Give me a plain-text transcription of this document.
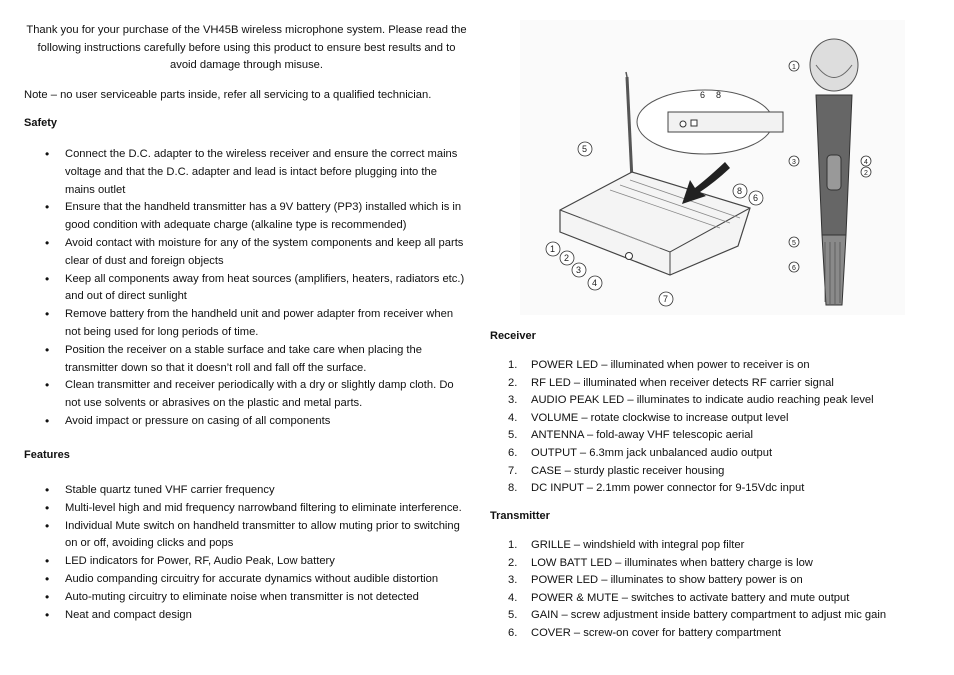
Thank you for your purchase of the VH45B wireless microphone system. Please read the following instructions carefully before using this product to ensure best results and to avoid damage through misuse.

Note – no user serviceable parts inside, refer all servicing to a qualified technician.

Safety
• Connect the D.C. adapter to the wireless receiver and ensure the correct mains voltage and that the D.C. adapter and lead is intact before plugging into the mains outlet
• Ensure that the handheld transmitter has a 9V battery (PP3) installed which is in good condition with adequate charge (alkaline type is recommended)
• Avoid contact with moisture for any of the system components and keep all parts clear of dust and foreign objects
• Keep all components away from heat sources (amplifiers, heaters, radiators etc.) and out of direct sunlight
• Remove battery from the handheld unit and power adapter from receiver when not being used for long periods of time.
• Position the receiver on a stable surface and take care when placing the transmitter down so that it doesn’t roll and fall off the surface.
• Clean transmitter and receiver periodically with a dry or slightly damp cloth. Do not use solvents or abrasives on the plastic and metal parts.
• Avoid impact or pressure on casing of all components
Features
• Stable quartz tuned VHF carrier frequency
• Multi-level high and mid frequency narrowband filtering to eliminate interference.
• Individual Mute switch on handheld transmitter to allow muting prior to switching on or off, avoiding clicks and pops
• LED indicators for Power, RF, Audio Peak, Low battery
• Audio companding circuitry for accurate dynamics without audible distortion
• Auto-muting circuitry to eliminate noise when transmitter is not detected
• Neat and compact design
1
2
3
4
5
6
7
8
6 8
1
2
3	4
5
6
Receiver
1. POWER LED – illuminated when power to receiver is on
2. RF LED – illuminated when receiver detects RF carrier signal
3. AUDIO PEAK LED – illuminates to indicate audio reaching peak level
4. VOLUME – rotate clockwise to increase output level
5. ANTENNA – fold-away VHF telescopic aerial
6. OUTPUT – 6.3mm jack unbalanced audio output
7. CASE – sturdy plastic receiver housing
8. DC INPUT – 2.1mm power connector for 9-15Vdc input
Transmitter
1. GRILLE – windshield with integral pop filter
2. LOW BATT LED – illuminates when battery charge is low
3. POWER LED – illuminates to show battery power is on
4. POWER & MUTE – switches to activate battery and mute output
5. GAIN – screw adjustment inside battery compartment to adjust mic gain
6. COVER – screw-on cover for battery compartment
